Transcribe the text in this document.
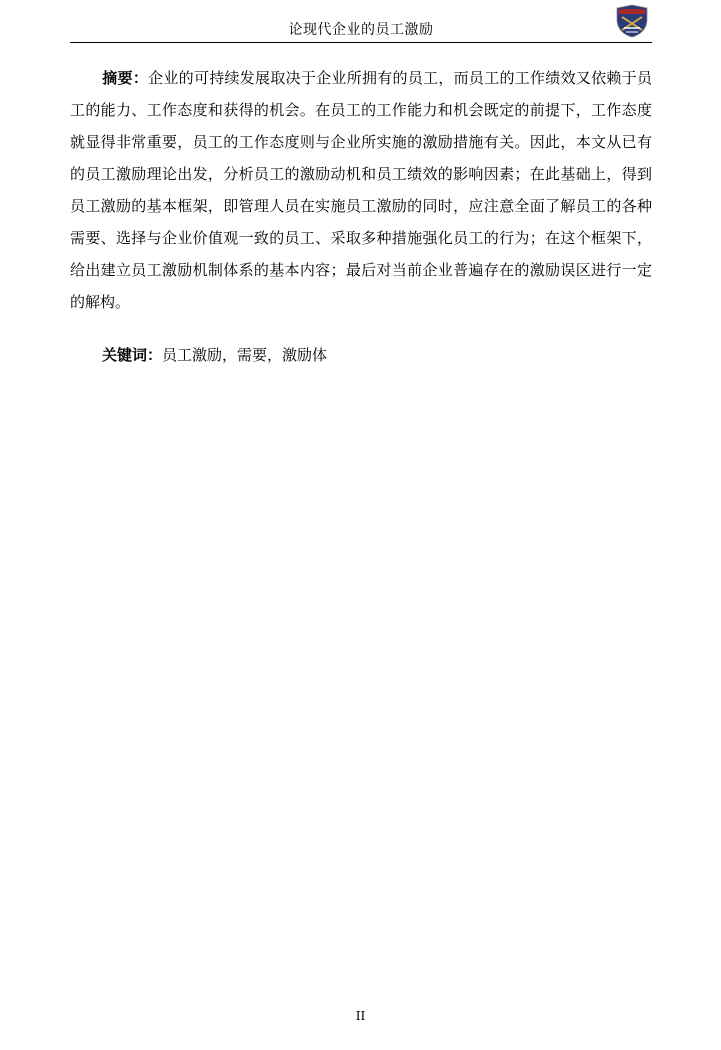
论现代企业的员工激励
摘要：企业的可持续发展取决于企业所拥有的员工，而员工的工作绩效又依赖于员工的能力、工作态度和获得的机会。在员工的工作能力和机会既定的前提下，工作态度就显得非常重要，员工的工作态度则与企业所实施的激励措施有关。因此，本文从已有的员工激励理论出发，分析员工的激励动机和员工绩效的影响因素；在此基础上，得到员工激励的基本框架，即管理人员在实施员工激励的同时，应注意全面了解员工的各种需要、选择与企业价值观一致的员工、采取多种措施强化员工的行为；在这个框架下，给出建立员工激励机制体系的基本内容；最后对当前企业普遍存在的激励误区进行一定的解构。
关键词：员工激励，需要，激励体
II
